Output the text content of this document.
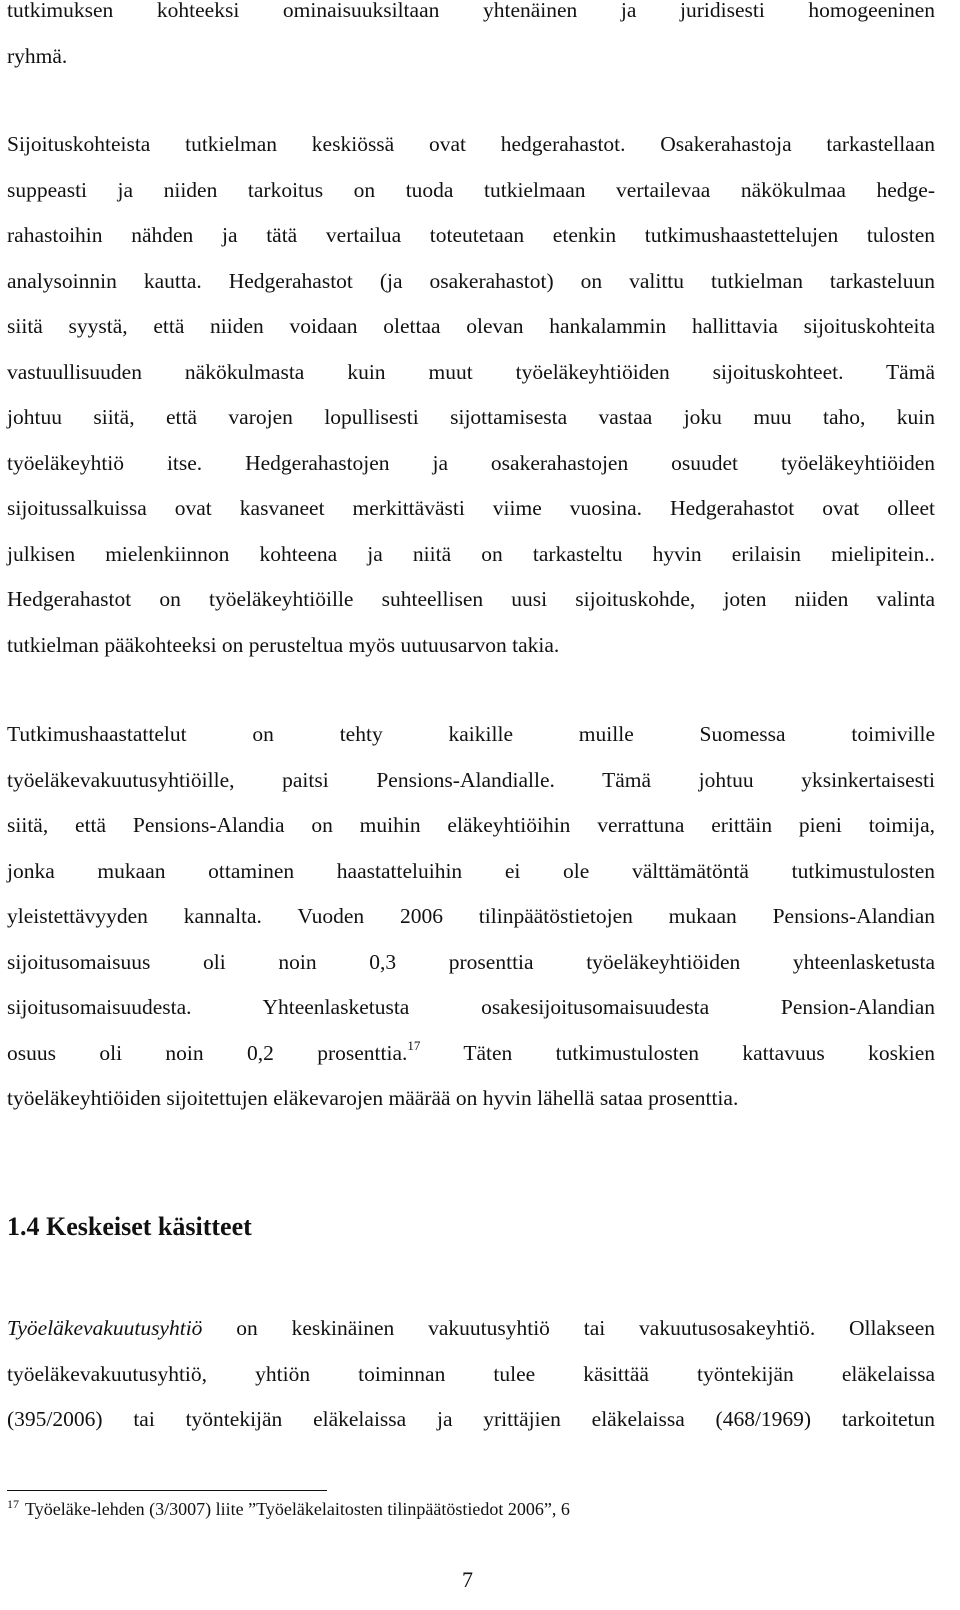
tutkimuksen kohteeksi ominaisuuksiltaan yhtenäinen ja juridisesti homogeeninen
ryhmä.
Sijoituskohteista tutkielman keskiössä ovat hedgerahastot. Osakerahastoja tarkastellaan
suppeasti ja niiden tarkoitus on tuoda tutkielmaan vertailevaa näkökulmaa hedge-
rahastoihin nähden ja tätä vertailua toteutetaan etenkin tutkimushaastettelujen tulosten
analysoinnin kautta. Hedgerahastot (ja osakerahastot) on valittu tutkielman tarkasteluun
siitä syystä, että niiden voidaan olettaa olevan hankalammin hallittavia sijoituskohteita
vastuullisuuden näkökulmasta kuin muut työeläkeyhtiöiden sijoituskohteet. Tämä
johtuu siitä, että varojen lopullisesti sijottamisesta vastaa joku muu taho, kuin
työeläkeyhtiö itse. Hedgerahastojen ja osakerahastojen osuudet työeläkeyhtiöiden
sijoitussalkuissa ovat kasvaneet merkittävästi viime vuosina. Hedgerahastot ovat olleet
julkisen mielenkiinnon kohteena ja niitä on tarkasteltu hyvin erilaisin mielipitein..
Hedgerahastot on työeläkeyhtiöille suhteellisen uusi sijoituskohde, joten niiden valinta
tutkielman pääkohteeksi on perusteltua myös uutuusarvon takia.
Tutkimushaastattelut on tehty kaikille muille Suomessa toimiville
työeläkevakuutusyhtiöille, paitsi Pensions-Alandialle. Tämä johtuu yksinkertaisesti
siitä, että Pensions-Alandia on muihin eläkeyhtiöihin verrattuna erittäin pieni toimija,
jonka mukaan ottaminen haastatteluihin ei ole välttämätöntä tutkimustulosten
yleistettävyyden kannalta. Vuoden 2006 tilinpäätöstietojen mukaan Pensions-Alandian
sijoitusomaisuus oli noin 0,3 prosenttia työeläkeyhtiöiden yhteenlasketusta
sijoitusomaisuudesta. Yhteenlasketusta osakesijoitusomaisuudesta Pension-Alandian
osuus oli noin 0,2 prosenttia.$^{17}$ Täten tutkimustulosten kattavuus koskien
työeläkeyhtiöiden sijoitettujen eläkevarojen määrää on hyvin lähellä sataa prosenttia.
1.4 Keskeiset käsitteet
Työeläkevakuutusyhtiö on keskinäinen vakuutusyhtiö tai vakuutusosakeyhtiö. Ollakseen
työeläkevakuutusyhtiö, yhtiön toiminnan tulee käsittää työntekijän eläkelaissa
(395/2006) tai työntekijän eläkelaissa ja yrittäjien eläkelaissa (468/1969) tarkoitetun
$^{17}$ Työeläke-lehden (3/3007) liite ”Työeläkelaitosten tilinpäätöstiedot 2006”, 6
7
